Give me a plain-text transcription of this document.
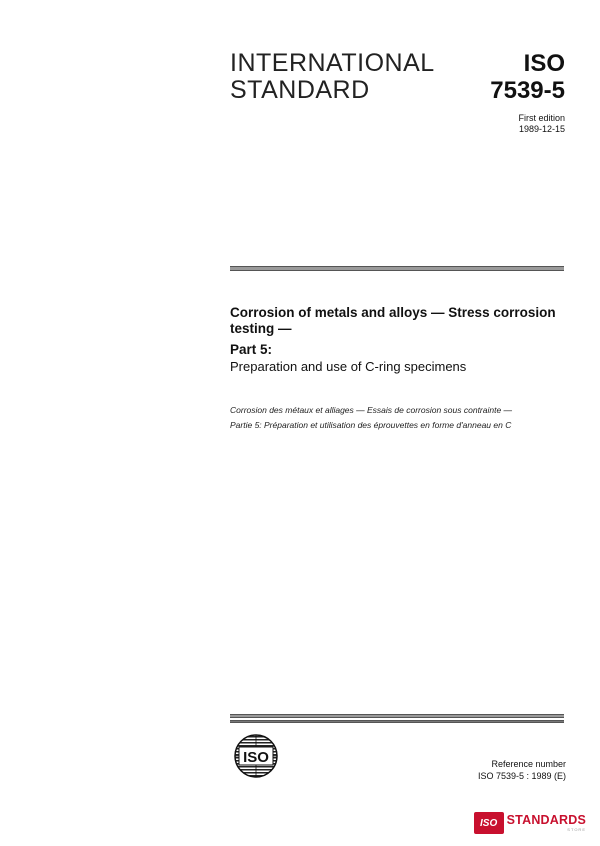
INTERNATIONAL
STANDARD
ISO
7539-5
First edition
1989-12-15
Corrosion of metals and alloys — Stress corrosion testing —
Part 5:
Preparation and use of C-ring specimens
Corrosion des métaux et alliages — Essais de corrosion sous contrainte —
Partie 5: Préparation et utilisation des éprouvettes en forme d'anneau en C
ISO	Reference number
ISO 7539-5 : 1989 (E)
ISO STANDARDS
STORE
